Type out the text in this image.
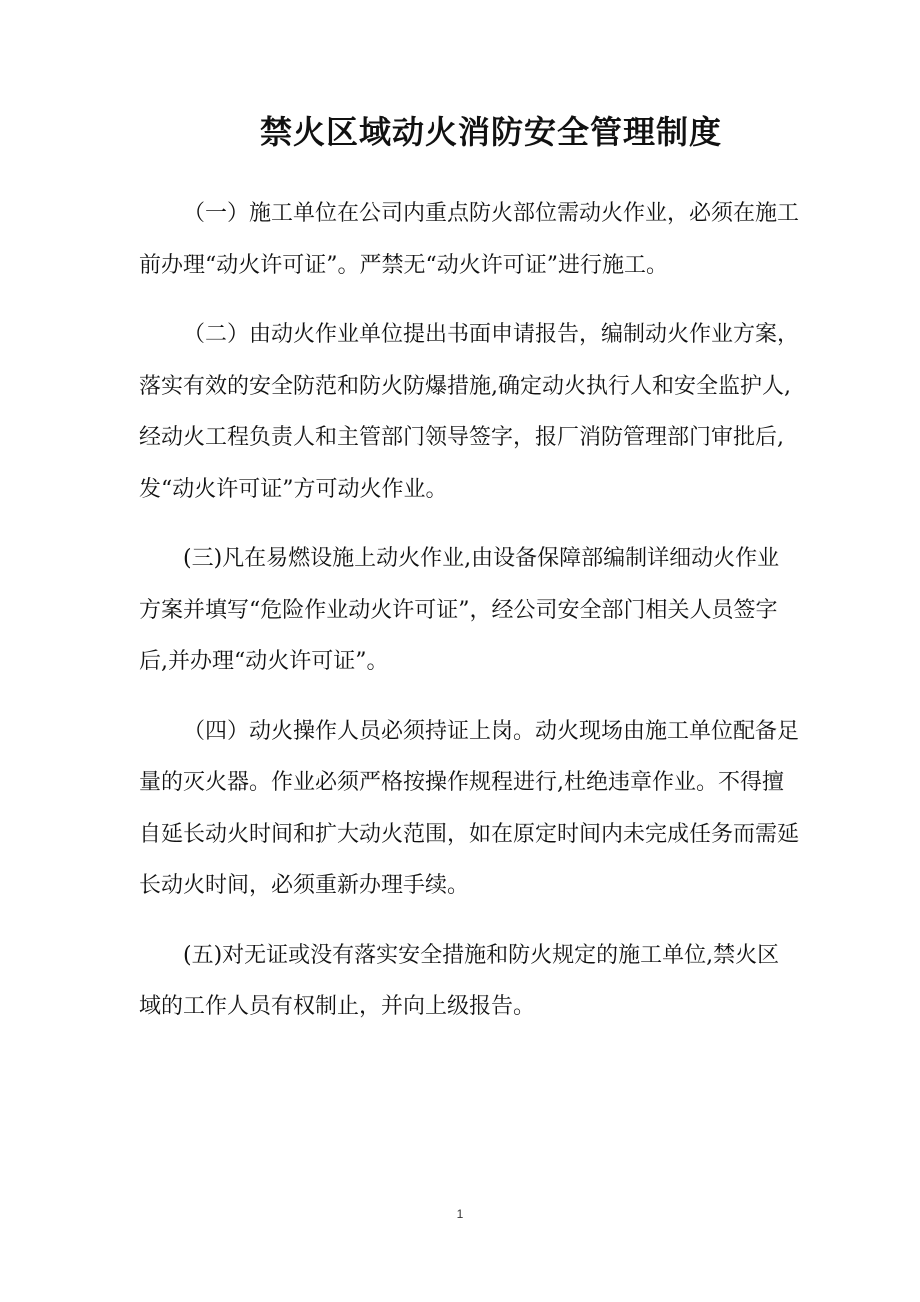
禁火区域动火消防安全管理制度

（一）施工单位在公司内重点防火部位需动火作业，必须在施工
前办理“动火许可证”。严禁无“动火许可证”进行施工。

（二）由动火作业单位提出书面申请报告，编制动火作业方案，
落实有效的安全防范和防火防爆措施,确定动火执行人和安全监护人,
经动火工程负责人和主管部门领导签字，报厂消防管理部门审批后,
发“动火许可证”方可动火作业。

(三)凡在易燃设施上动火作业,由设备保障部编制详细动火作业
方案并填写“危险作业动火许可证”，经公司安全部门相关人员签字
后,并办理“动火许可证”。

（四）动火操作人员必须持证上岗。动火现场由施工单位配备足
量的灭火器。作业必须严格按操作规程进行,杜绝违章作业。不得擅
自延长动火时间和扩大动火范围，如在原定时间内未完成任务而需延
长动火时间，必须重新办理手续。

(五)对无证或没有落实安全措施和防火规定的施工单位,禁火区
域的工作人员有权制止，并向上级报告。

1
